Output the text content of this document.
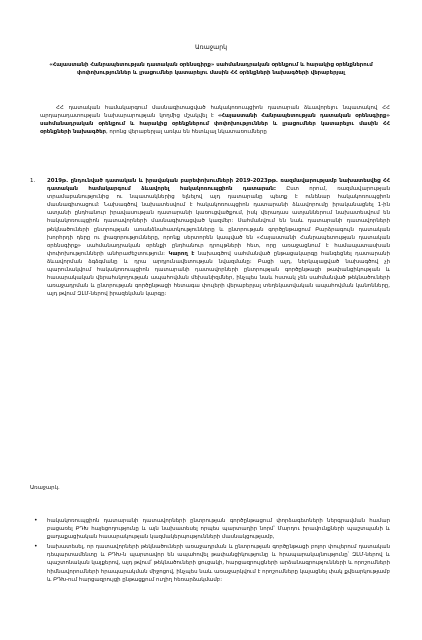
Առաջարկ
«Հայաստանի Հանրապետության դատական օրենսգիրք» սահմանադրական օրենքում և հարակից օրենքներում փոփոխություններ և լրացումներ կատարելու մասին ՀՀ օրենքների նախագծերի վերաբերյալ
ՀՀ դատական համակարգում մասնագիտացված հակակոռուպցիոն դատարան ձևավորելու նպատակով ՀՀ արդարադատության նախարարության կողմից մշակվել է «Հայաստանի Հանրապետության դատական օրենսգիրք» սահմանադրական օրենքում և հարակից օրենքներում փոփոխություններ և լրացումներ կատարելու մասին ՀՀ օրենքների նախագծեր, որոնց վերաբերյալ առկա են հետևյալ նկատառումները
1. 2019թ. ընդունված դատական և իրավական բարեփոխումների 2019-2023թթ. ռազմավարությամբ նախատեսվեց ՀՀ դատական համակարգում ձևավորել հակակոռուպցիոն դատարան: Ըստ որում, ռազմավարության տրամաբանությունից ու նպատակներից ելնելով այդ դատարանը պետք է ունենար հակակոռուպցիոն մասնագիտացում: Նախագծով նախատեսվում է հակակոռուպցիոն դատարանի ձևավորումը իրականացնել 1-ին ատյանի ընդհանուր իրավասության դատարանի կառուցվածքում, իսկ վերադաս ատյաններում նախատեսվում են հակակոռուպցիոն դատավորների մասնագիտացված կազմեր: Սահմանվում են նաև դատարանի դատավորների թեկնածուների ընտրության առանձնահատկությունները և ընտրության գործընթացում Բարձրագույն դատական խորհրդի դերը ու լիազորությունները, որոնք սերտորեն կապված են «Հայաստանի Հանրապետության դատական օրենսգիրք» սահմանադրական օրենքի ընդհանուր դրույթների հետ, որը առաջացնում է համապատասխան փոփոխությունների անհրաժեշտություն: Կարող է նախագծով սահմանված ընթացակարգը հանգեցնել դատարանի ձևավորման ձգձգմանը և դրա արդյունավետության նվազմանը: Բացի այդ, ներկայացված նախագծով չի պարունակվում հակակոռուպցիոն դատարանի դատավորների ընտրության գործընթացի թափանցիկության և հասարակական վերահսկողության ապահովման մեխանիզմներ, ինչպես նաև հստակ չեն սահմանված թեկնածուների առաջադրման և ընտրության գործընթացի հետագա փուլերի վերաբերյալ տեղեկատվական ապահովման կանոնները, այդ թվում ԶԼՄ-ներով իրազեկման կարգը:
Առաջարկ.
• հակակոռուպցիոն դատարանի դատավորների ընտրության գործընթացում փորձագետների ներգրավման համար բացառել ԲԴԽ հայեցողությունը և այն նախատեսել որպես պարտադիր նորմ՝ Մարդու իրավունքների պաշտպանի և քաղաքացիական հասարակության կազմակերպությունների մասնակցությամբ,
• նախատեսել, որ դատավորների թեկնածուների առաջադրման և ընտրության գործընթացի բոլոր փուլերում դատական դեպարտամենտը և ԲԴԽ-ն պարտավոր են ապահովել թափանցիկությունը և հրապարակայնությունը՝ ԶԼՄ-ներով և պաշտոնական կայքերով, այդ թվում՝ թեկնածուների ցուցակի, հարցազրույցների արձանագրությունների և որոշումների հիմնավորումների հրապարակման միջոցով, ինչպես նաև առաջարկվում է որոշումները կայացնել փակ քվեարկությամբ և ԲԴԽ-ում հարցազրույցի ընթացքում ուղիղ հեռարձակմամբ:
